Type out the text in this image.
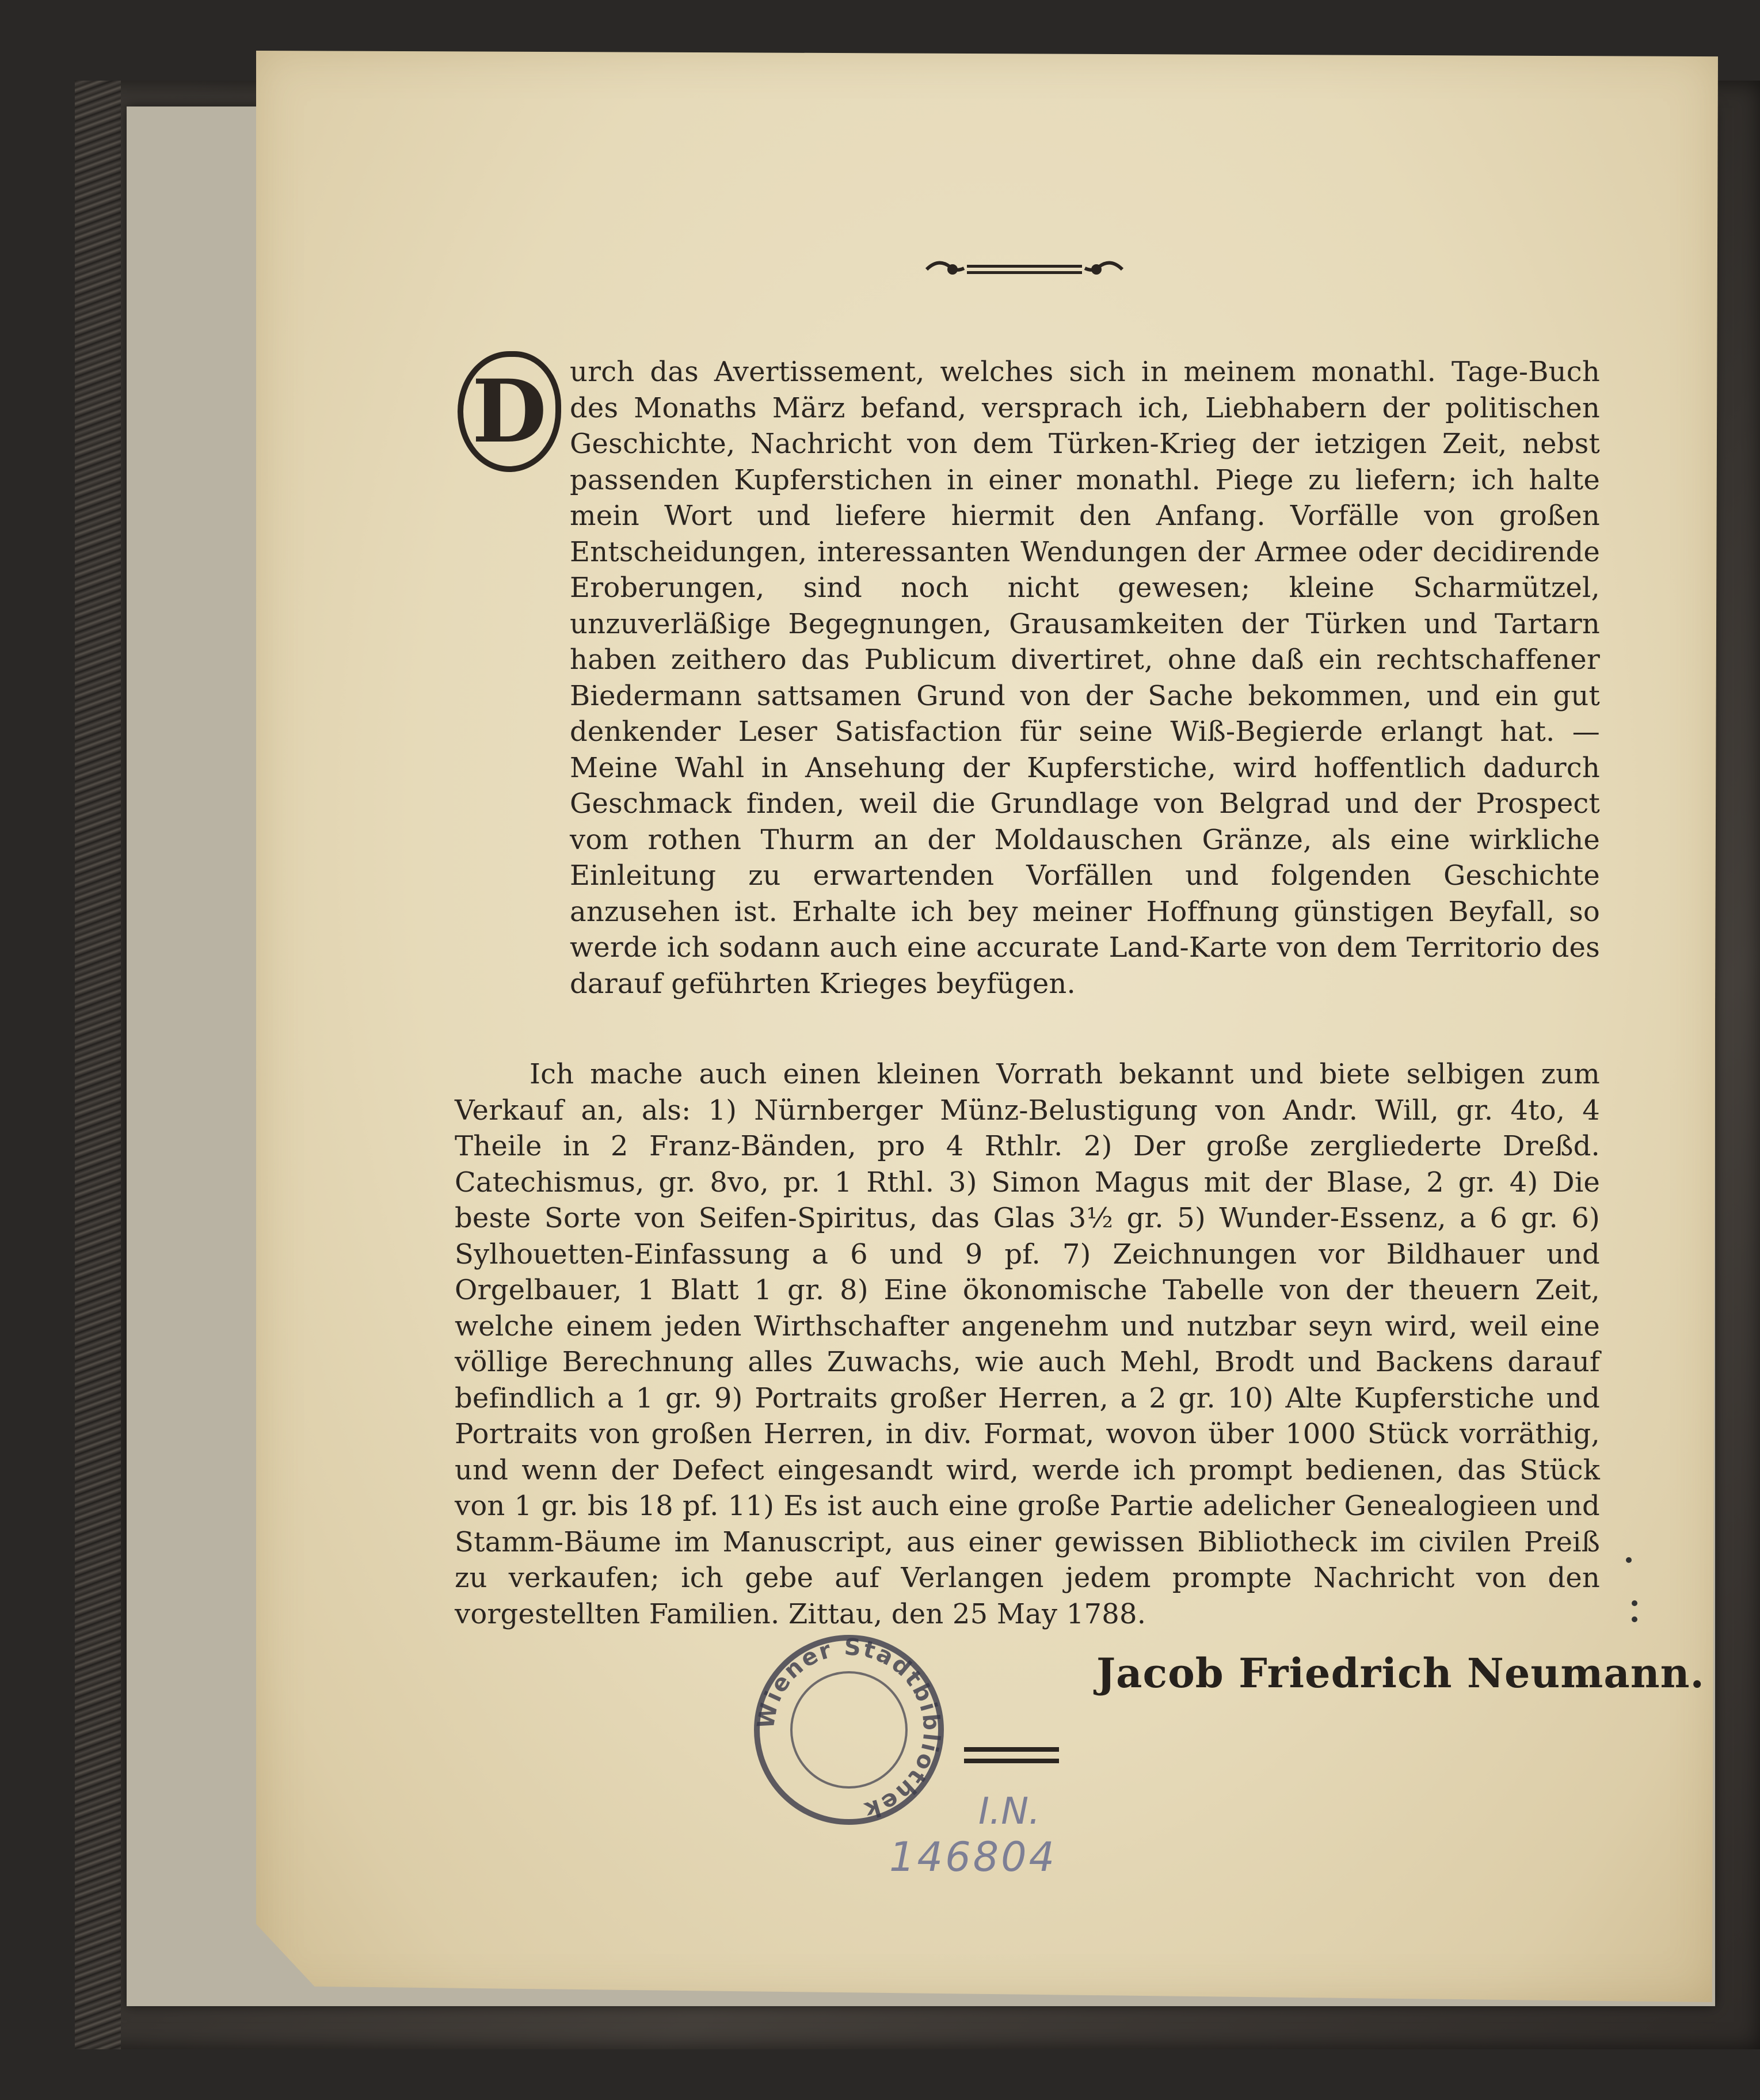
D urch das Avertissement, welches sich in meinem monathl. Tage-Buch des Monaths März befand, versprach ich, Liebhabern der politischen Geschichte, Nachricht von dem Türken-Krieg der ietzigen Zeit, nebst passenden Kupferstichen in einer monathl. Piege zu liefern; ich halte mein Wort und liefere hiermit den Anfang. Vorfälle von großen Entscheidungen, interessanten Wendungen der Armee oder decidirende Eroberungen, sind noch nicht gewesen; kleine Scharmützel, unzuverläßige Begegnungen, Grausamkeiten der Türken und Tartarn haben zeithero das Publicum divertiret, ohne daß ein rechtschaffener Biedermann sattsamen Grund von der Sache bekommen, und ein gut denkender Leser Satisfaction für seine Wiß-Begierde erlangt hat. — Meine Wahl in Ansehung der Kupferstiche, wird hoffentlich dadurch Geschmack finden, weil die Grundlage von Belgrad und der Prospect vom rothen Thurm an der Moldauschen Gränze, als eine wirkliche Einleitung zu erwartenden Vorfällen und folgenden Geschichte anzusehen ist. Erhalte ich bey meiner Hoffnung günstigen Beyfall, so werde ich sodann auch eine accurate Land-Karte von dem Territorio des darauf geführten Krieges beyfügen.

Ich mache auch einen kleinen Vorrath bekannt und biete selbigen zum Verkauf an, als: 1) Nürnberger Münz-Belustigung von Andr. Will, gr. 4to, 4 Theile in 2 Franz-Bänden, pro 4 Rthlr. 2) Der große zergliederte Dreßd. Catechismus, gr. 8vo, pr. 1 Rthl. 3) Simon Magus mit der Blase, 2 gr. 4) Die beste Sorte von Seifen-Spiritus, das Glas 3½ gr. 5) Wunder-Essenz, a 6 gr. 6) Sylhouetten-Einfassung a 6 und 9 pf. 7) Zeichnungen vor Bildhauer und Orgelbauer, 1 Blatt 1 gr. 8) Eine ökonomische Tabelle von der theuern Zeit, welche einem jeden Wirthschafter angenehm und nutzbar seyn wird, weil eine völlige Berechnung alles Zuwachs, wie auch Mehl, Brodt und Backens darauf befindlich a 1 gr. 9) Portraits großer Herren, a 2 gr. 10) Alte Kupferstiche und Portraits von großen Herren, in div. Format, wovon über 1000 Stück vorräthig, und wenn der Defect eingesandt wird, werde ich prompt bedienen, das Stück von 1 gr. bis 18 pf. 11) Es ist auch eine große Partie adelicher Genealogieen und Stamm-Bäume im Manuscript, aus einer gewissen Bibliotheck im civilen Preiß zu verkaufen; ich gebe auf Verlangen jedem prompte Nachricht von den vorgestellten Familien. Zittau, den 25 May 1788.

Jacob Friedrich Neumann.
Wiener Stadtbibliothek	I.N.
146804
